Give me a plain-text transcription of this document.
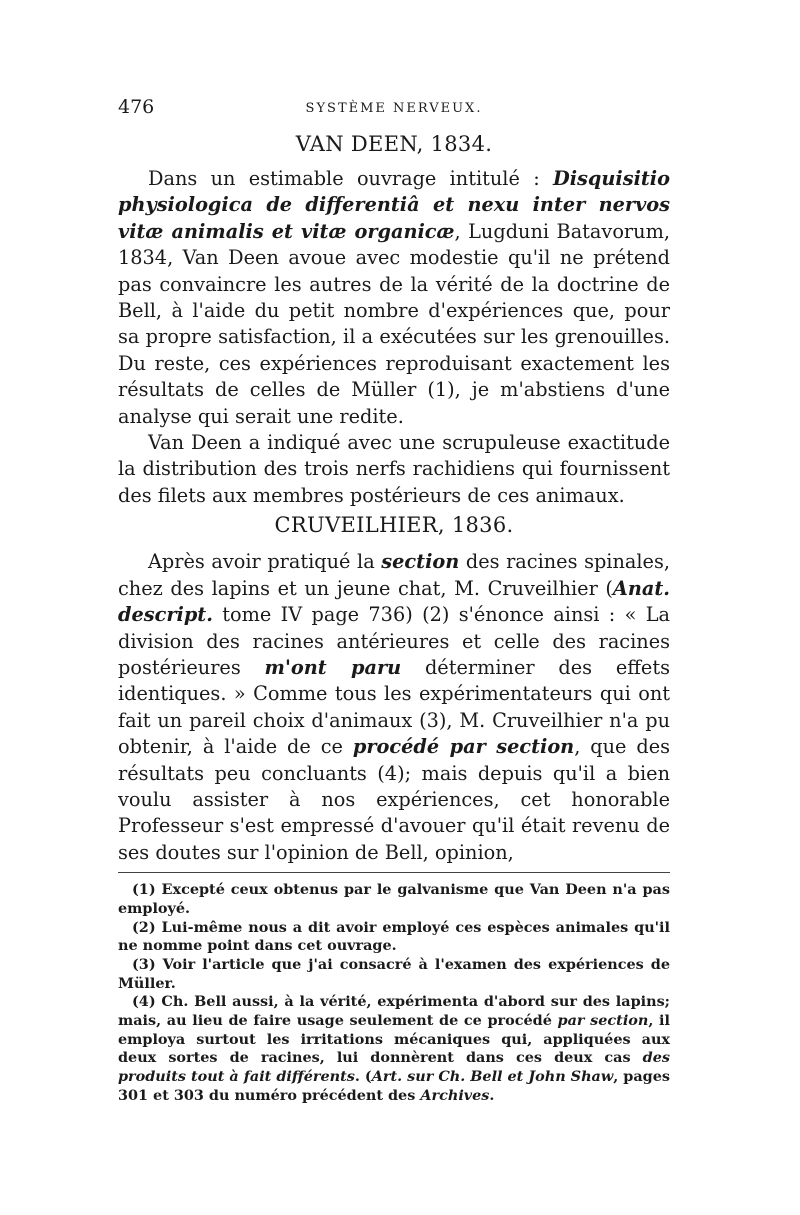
476	SYSTÈME NERVEUX.
VAN DEEN, 1834.

Dans un estimable ouvrage intitulé : Disquisitio physiologica de differentiâ et nexu inter nervos vitæ animalis et vitæ organicæ, Lugduni Batavorum, 1834, Van Deen avoue avec modestie qu'il ne prétend pas convaincre les autres de la vérité de la doctrine de Bell, à l'aide du petit nombre d'expériences que, pour sa propre satisfaction, il a exécutées sur les grenouilles. Du reste, ces expériences reproduisant exactement les résultats de celles de Müller (1), je m'abstiens d'une analyse qui serait une redite.

Van Deen a indiqué avec une scrupuleuse exactitude la distribution des trois nerfs rachidiens qui fournissent des filets aux membres postérieurs de ces animaux.

CRUVEILHIER, 1836.

Après avoir pratiqué la section des racines spinales, chez des lapins et un jeune chat, M. Cruveilhier (Anat. descript. tome IV page 736) (2) s'énonce ainsi : « La division des racines antérieures et celle des racines postérieures m'ont paru déterminer des effets identiques. » Comme tous les expérimentateurs qui ont fait un pareil choix d'animaux (3), M. Cruveilhier n'a pu obtenir, à l'aide de ce procédé par section, que des résultats peu concluants (4); mais depuis qu'il a bien voulu assister à nos expériences, cet honorable Professeur s'est empressé d'avouer qu'il était revenu de ses doutes sur l'opinion de Bell, opinion,

(1) Excepté ceux obtenus par le galvanisme que Van Deen n'a pas employé.

(2) Lui-même nous a dit avoir employé ces espèces animales qu'il ne nomme point dans cet ouvrage.

(3) Voir l'article que j'ai consacré à l'examen des expériences de Müller.

(4) Ch. Bell aussi, à la vérité, expérimenta d'abord sur des lapins; mais, au lieu de faire usage seulement de ce procédé par section, il employa surtout les irritations mécaniques qui, appliquées aux deux sortes de racines, lui donnèrent dans ces deux cas des produits tout à fait différents. (Art. sur Ch. Bell et John Shaw, pages 301 et 303 du numéro précédent des Archives.
